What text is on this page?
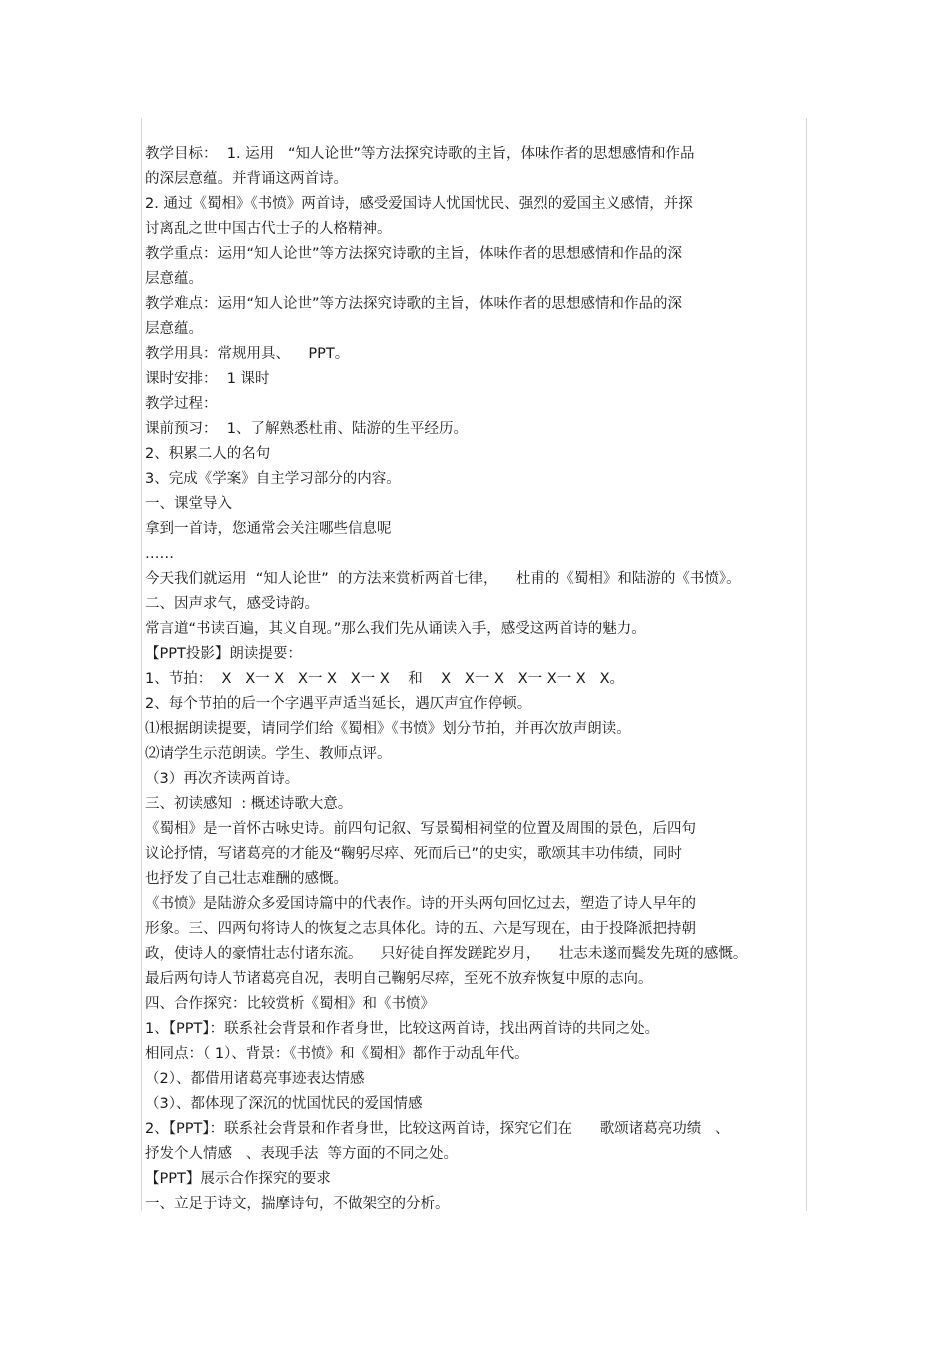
教学目标：  1. 运用   “知人论世”等方法探究诗歌的主旨，体味作者的思想感情和作品
的深层意蕴。并背诵这两首诗。
2. 通过《蜀相》《书愤》两首诗，感受爱国诗人忧国忧民、强烈的爱国主义感情，并探
讨离乱之世中国古代士子的人格精神。
教学重点：运用“知人论世”等方法探究诗歌的主旨，体味作者的思想感情和作品的深
层意蕴。
教学难点：运用“知人论世”等方法探究诗歌的主旨，体味作者的思想感情和作品的深
层意蕴。
教学用具：常规用具、    PPT。
课时安排：  1 课时
教学过程：
课前预习：  1、了解熟悉杜甫、陆游的生平经历。
2、积累二人的名句
3、完成《学案》自主学习部分的内容。
一、课堂导入
拿到一首诗，您通常会关注哪些信息呢
……
今天我们就运用  “知人论世”  的方法来赏析两首七律，    杜甫的《蜀相》和陆游的《书愤》。
二、因声求气，感受诗韵。
常言道“书读百遍，其义自现。”那么我们先从诵读入手，感受这两首诗的魅力。
【PPT投影】朗读提要：
1、节拍：  X   X一 X   X一 X   X一 X    和    X   X一 X   X一 X一 X   X。
2、每个节拍的后一个字遇平声适当延长，遇仄声宜作停顿。
⑴根据朗读提要，请同学们给《蜀相》《书愤》划分节拍，并再次放声朗读。
⑵请学生示范朗读。学生、教师点评。
（3）再次齐读两首诗。
三、初读感知  : 概述诗歌大意。
《蜀相》是一首怀古咏史诗。前四句记叙、写景蜀相祠堂的位置及周围的景色，后四句
议论抒情，写诸葛亮的才能及“鞠躬尽瘁、死而后已”的史实，歌颂其丰功伟绩，同时
也抒发了自己壮志难酬的感慨。
《书愤》是陆游众多爱国诗篇中的代表作。诗的开头两句回忆过去，塑造了诗人早年的
形象。三、四两句将诗人的恢复之志具体化。诗的五、六是写现在，由于投降派把持朝
政，使诗人的豪情壮志付诸东流。    只好徒自挥发蹉跎岁月，    壮志未遂而鬓发先斑的感慨。
最后两句诗人节诸葛亮自况，表明自己鞠躬尽瘁，至死不放弃恢复中原的志向。
四、合作探究：比较赏析《蜀相》和《书愤》
1、【PPT】：联系社会背景和作者身世，比较这两首诗，找出两首诗的共同之处。
相同点：（ 1）、背景：《书愤》和《蜀相》都作于动乱年代。
（2）、都借用诸葛亮事迹表达情感
（3）、都体现了深沉的忧国忧民的爱国情感
2、【PPT】：联系社会背景和作者身世，比较这两首诗，探究它们在      歌颂诸葛亮功绩   、
抒发个人情感   、表现手法  等方面的不同之处。
【PPT】展示合作探究的要求
一、立足于诗文，揣摩诗句，不做架空的分析。
